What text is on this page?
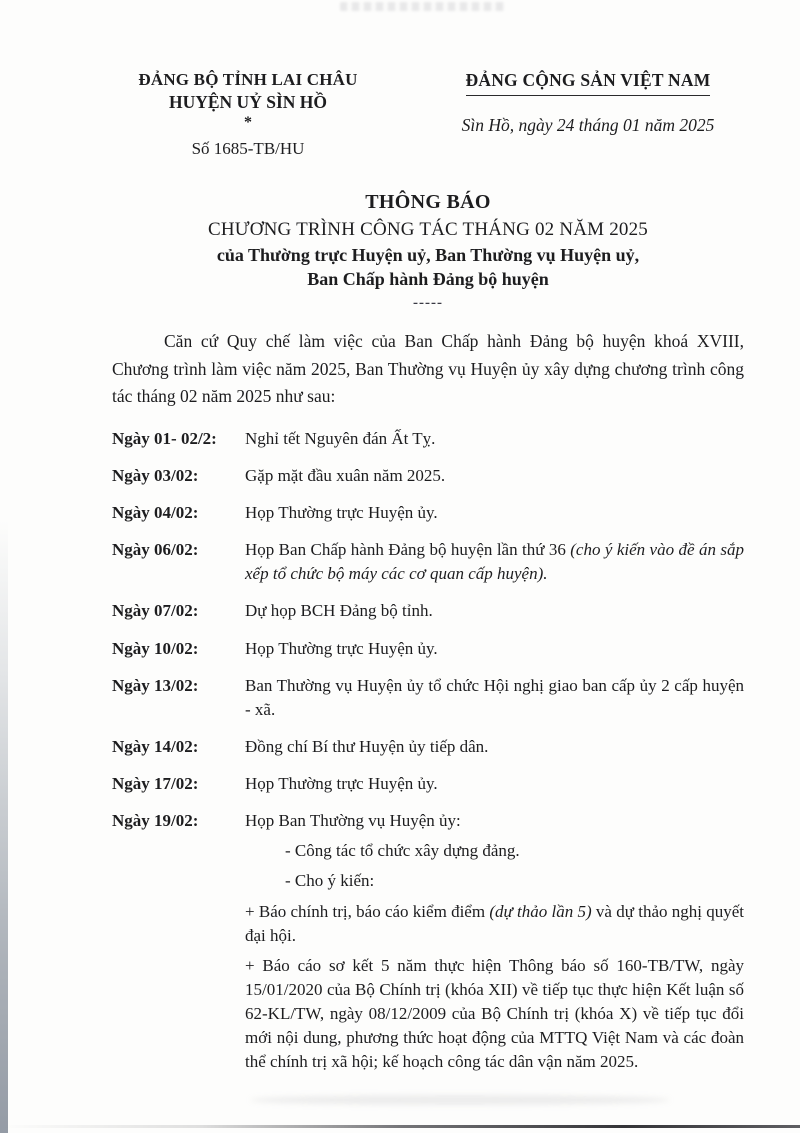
ĐẢNG BỘ TỈNH LAI CHÂU
HUYỆN UỶ SÌN HỒ
*
Số 1685-TB/HU
ĐẢNG CỘNG SẢN VIỆT NAM
Sìn Hồ, ngày 24 tháng 01 năm 2025
THÔNG BÁO
CHƯƠNG TRÌNH CÔNG TÁC THÁNG 02 NĂM 2025
của Thường trực Huyện uỷ, Ban Thường vụ Huyện uỷ,
Ban Chấp hành Đảng bộ huyện
-----
Căn cứ Quy chế làm việc của Ban Chấp hành Đảng bộ huyện khoá XVIII, Chương trình làm việc năm 2025, Ban Thường vụ Huyện ủy xây dựng chương trình công tác tháng 02 năm 2025 như sau:
Ngày 01- 02/2:	Nghỉ tết Nguyên đán Ất Tỵ.
Ngày 03/02:	Gặp mặt đầu xuân năm 2025.
Ngày 04/02:	Họp Thường trực Huyện ủy.
Ngày 06/02:	Họp Ban Chấp hành Đảng bộ huyện lần thứ 36 (cho ý kiến vào đề án sắp xếp tổ chức bộ máy các cơ quan cấp huyện).
Ngày 07/02:	Dự họp BCH Đảng bộ tỉnh.
Ngày 10/02:	Họp Thường trực Huyện ủy.
Ngày 13/02:	Ban Thường vụ Huyện ủy tổ chức Hội nghị giao ban cấp ủy 2 cấp huyện - xã.
Ngày 14/02:	Đồng chí Bí thư Huyện ủy tiếp dân.
Ngày 17/02:	Họp Thường trực Huyện ủy.
Ngày 19/02:	Họp Ban Thường vụ Huyện ủy:
- Công tác tổ chức xây dựng đảng.
- Cho ý kiến:
+ Báo chính trị, báo cáo kiểm điểm (dự thảo lần 5) và dự thảo nghị quyết đại hội.
+ Báo cáo sơ kết 5 năm thực hiện Thông báo số 160-TB/TW, ngày 15/01/2020 của Bộ Chính trị (khóa XII) về tiếp tục thực hiện Kết luận số 62-KL/TW, ngày 08/12/2009 của Bộ Chính trị (khóa X) về tiếp tục đổi mới nội dung, phương thức hoạt động của MTTQ Việt Nam và các đoàn thể chính trị xã hội; kế hoạch công tác dân vận năm 2025.
